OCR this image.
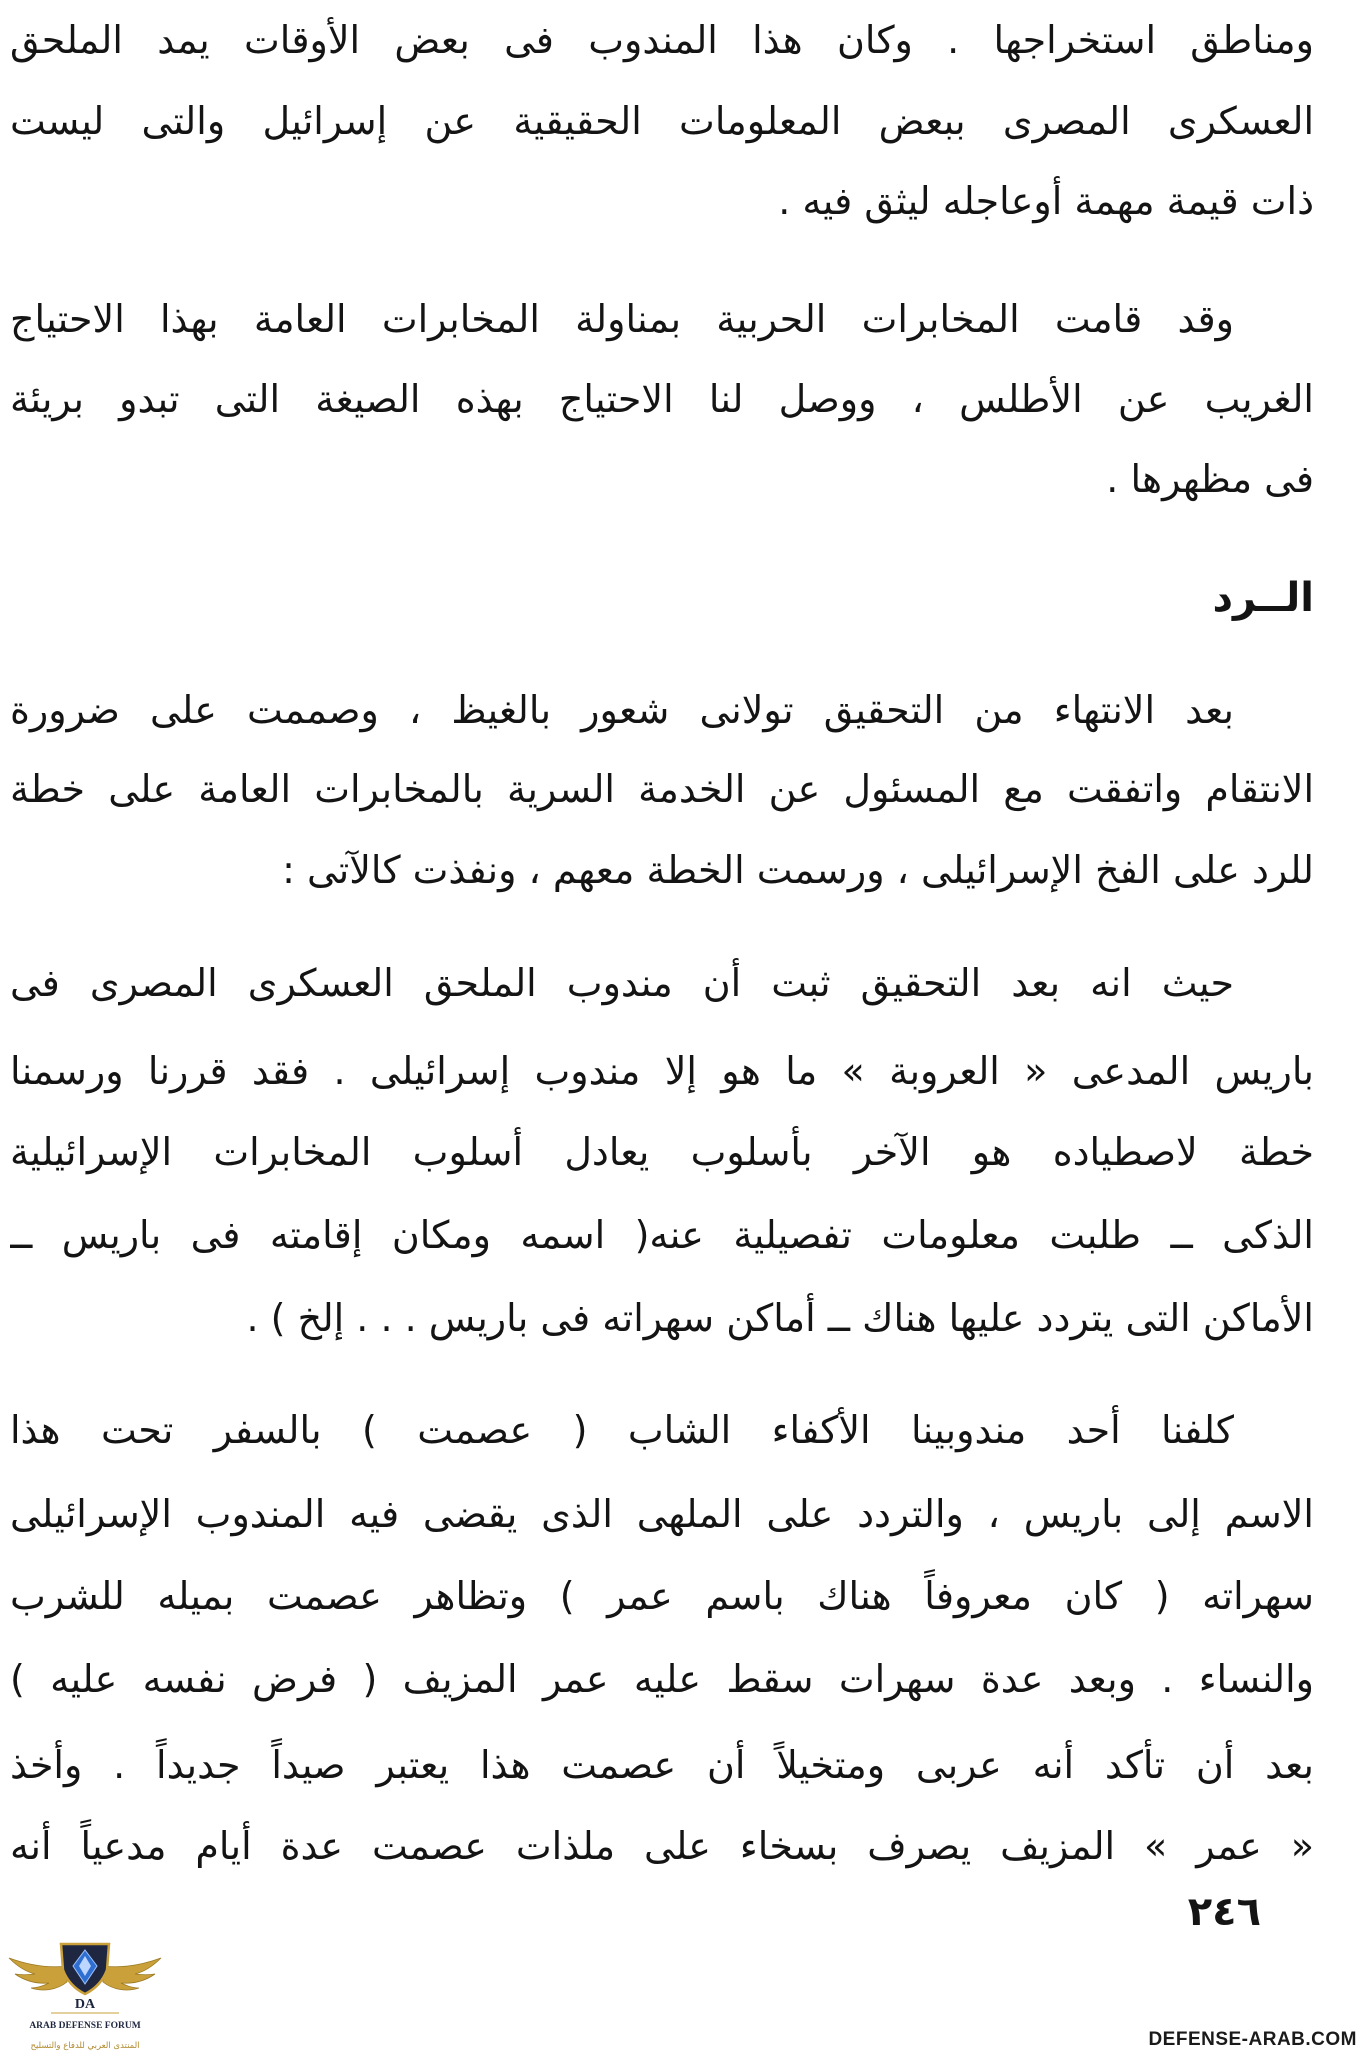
ومناطق استخراجها . وكان هذا المندوب فى بعض الأوقات يمد الملحق
العسكرى المصرى ببعض المعلومات الحقيقية عن إسرائيل والتى ليست
ذات قيمة مهمة أوعاجله ليثق فيه .
وقد قامت المخابرات الحربية بمناولة المخابرات العامة بهذا الاحتياج
الغريب عن الأطلس ، ووصل لنا الاحتياج بهذه الصيغة التى تبدو بريئة
فى مظهرها .
الــرد
بعد الانتهاء من التحقيق تولانى شعور بالغيظ ، وصممت على ضرورة
الانتقام واتفقت مع المسئول عن الخدمة السرية بالمخابرات العامة على خطة
للرد على الفخ الإسرائيلى ، ورسمت الخطة معهم ، ونفذت كالآتى :
حيث انه بعد التحقيق ثبت أن مندوب الملحق العسكرى المصرى فى
باريس المدعى « العروبة » ما هو إلا مندوب إسرائيلى . فقد قررنا ورسمنا
خطة لاصطياده هو الآخر بأسلوب يعادل أسلوب المخابرات الإسرائيلية
الذكى ــ طلبت معلومات تفصيلية عنه( اسمه ومكان إقامته فى باريس ــ
الأماكن التى يتردد عليها هناك ــ أماكن سهراته فى باريس . . . إلخ ) .
كلفنا أحد مندوبينا الأكفاء الشاب ( عصمت ) بالسفر تحت هذا
الاسم إلى باريس ، والتردد على الملهى الذى يقضى فيه المندوب الإسرائيلى
سهراته ( كان معروفاً هناك باسم عمر ) وتظاهر عصمت بميله للشرب
والنساء . وبعد عدة سهرات سقط عليه عمر المزيف ( فرض نفسه عليه )
بعد أن تأكد أنه عربى ومتخيلاً أن عصمت هذا يعتبر صيداً جديداً . وأخذ
« عمر » المزيف يصرف بسخاء على ملذات عصمت عدة أيام مدعياً أنه
٢٤٦
DA
ARAB DEFENSE FORUM
المنتدى العربي للدفاع والتسليح	DEFENSE-ARAB.COM
